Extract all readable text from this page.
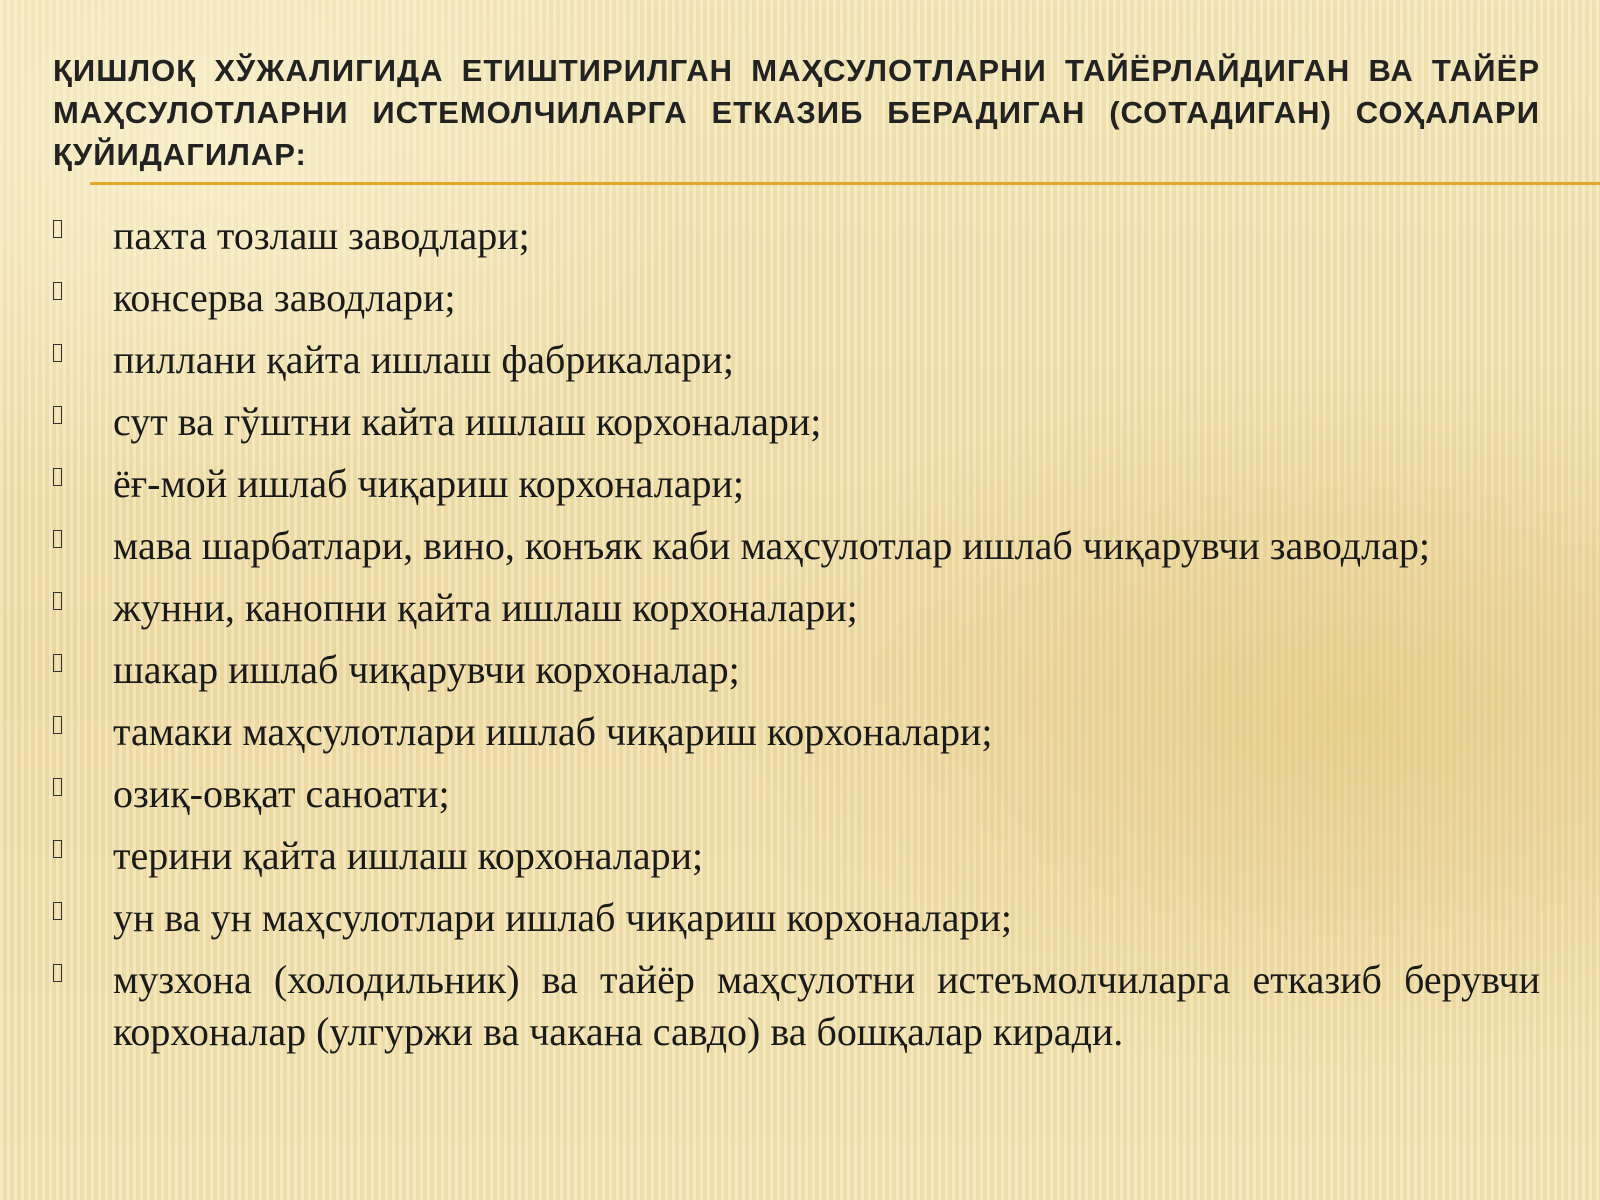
ҚИШЛОҚ ХЎЖАЛИГИДА ЕТИШТИРИЛГАН МАҲСУЛОТЛАРНИ ТАЙЁРЛАЙДИГАН ВА ТАЙЁР МАҲСУЛОТЛАРНИ ИСТЕМОЛЧИЛАРГА ЕТКАЗИБ БЕРАДИГАН (СОТАДИГАН) СОҲАЛАРИ ҚУЙИДАГИЛАР:
пахта тозлаш заводлари;
консерва заводлари;
пиллани қайта ишлаш фабрикалари;
сут ва гўштни кайта ишлаш корхоналари;
ёғ-мой ишлаб чиқариш корхоналари;
мава шарбатлари, вино, конъяк каби маҳсулотлар ишлаб чиқарувчи заводлар;
жунни, канопни қайта ишлаш корхоналари;
шакар ишлаб чиқарувчи корхоналар;
тамаки маҳсулотлари ишлаб чиқариш корхоналари;
озиқ-овқат саноати;
терини қайта ишлаш корхоналари;
ун ва ун маҳсулотлари ишлаб чиқариш корхоналари;
музхона (холодильник) ва тайёр маҳсулотни истеъмолчиларга етказиб берувчи корхоналар (улгуржи ва чакана савдо) ва бошқалар киради.
